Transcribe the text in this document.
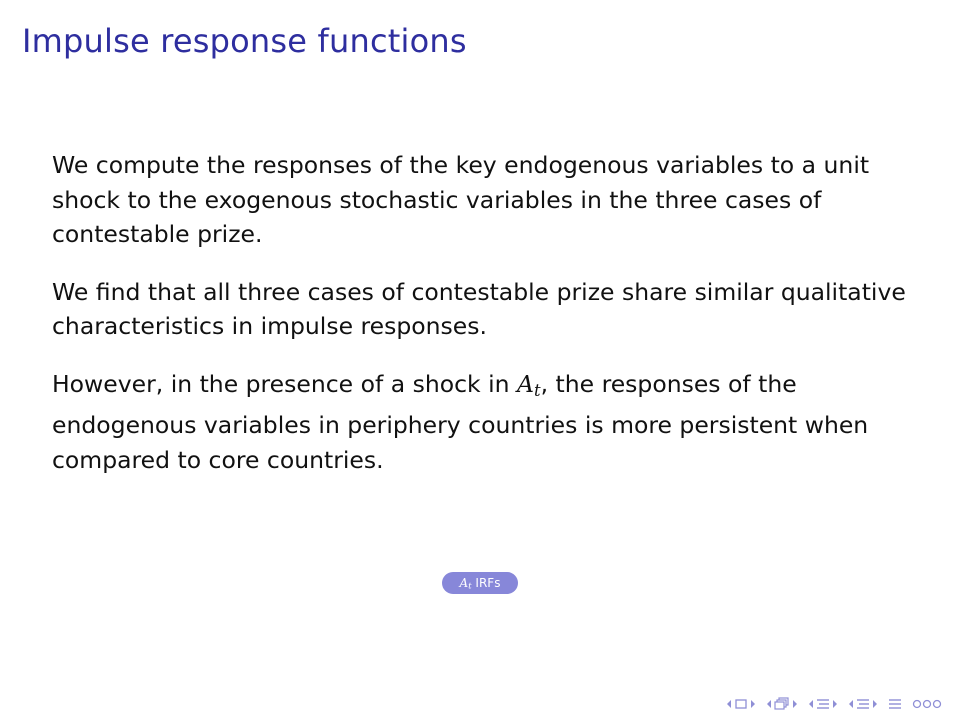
Impulse response functions

We compute the responses of the key endogenous variables to a unit shock to the exogenous stochastic variables in the three cases of contestable prize.

We find that all three cases of contestable prize share similar qualitative characteristics in impulse responses.

However, in the presence of a shock in $A_t$, the responses of the endogenous variables in periphery countries is more persistent when compared to core countries.

$A_t$ IRFs
